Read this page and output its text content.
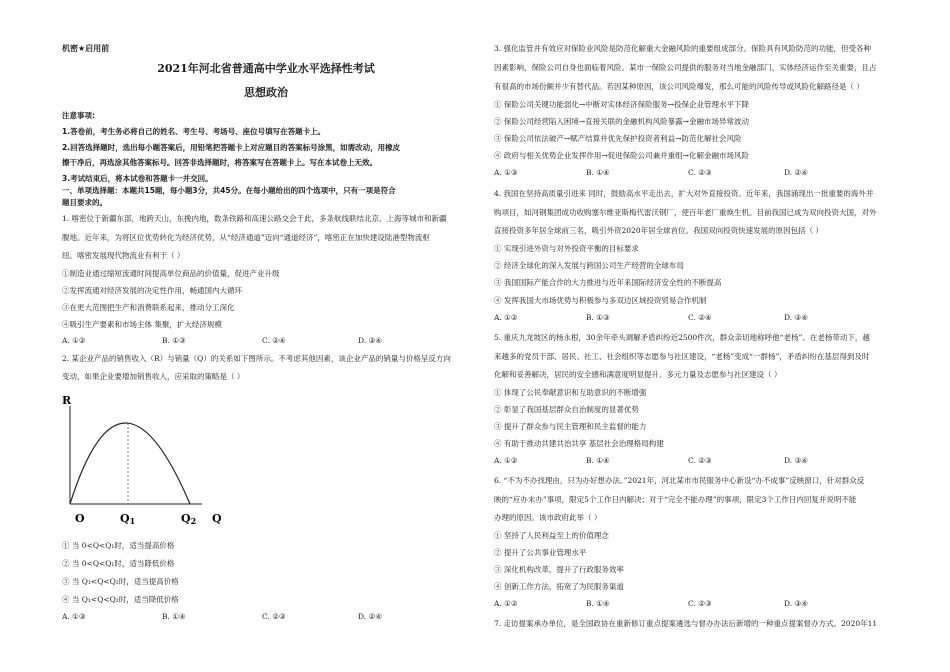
机密★启用前
2021年河北省普通高中学业水平选择性考试
思想政治
注意事项:
1.答卷前，考生务必将自己的姓名、考生号、考场号、座位号填写在答题卡上。
2.回答选择题时，选出每小题答案后，用铅笔把答题卡上对应题目的答案标号涂黑，如需改动，用橡皮
擦干净后，再选涂其他答案标号。回答非选择题时，将答案写在答题卡上。写在本试卷上无效。
3.考试结束后，将本试卷和答题卡一并交回。
一、单项选择题：本题共15题，每小题3分，共45分。在每小题给出的四个选项中，只有一项是符合
题目要求的。
1. 喀密位于新疆东部，地跨天山，东挽内地，数条铁路和高速公路交会于此，多条航线联结北京、上海等城市和新疆
腹地。近年来，为将区位优势转化为经济优势，从“经济通道”迈向“通道经济”，喀密正在加快建设陆港型物流枢
纽。喀密发展现代物流业有利于（ ）
①制造业通过缩短流通时间提高单位商品的价值量，促进产业升级
②发挥流通对经济发展的决定性作用，畅通国内大循环
③在更大范围把生产和消费联系起来，推动分工深化
④吸引生产要素和市场主体 集聚，扩大经济规模
A. ①②	B. ①③	C. ②④	D. ③④
2. 某企业产品的销售收入（R）与销量（Q）的关系如下图所示。不考虑其他因素，该企业产品的销量与价格呈反方向
变动，如果企业要增加销售收入，应采取的策略是（ ）
R
O	Q1	Q2 Q
① 当 0<Q<Q₁时，适当提高价格
② 当 0<Q<Q₁时，适当降低价格
③ 当 Q₁<Q<Q₂时，适当提高价格
④ 当 Q₁<Q<Q₂时，适当降低价格
A. ①③	B. ①④	C. ②③	D. ②④
3. 强化监管并有效应对保险业风险是防范化解重大金融风险的重要组成部分。保险具有风险防范的功能，但受各种
因素影响，保险公司自身也面临着风险。某市一保险公司提供的服务对当地金融部门、实体经济运作至关重要，且占
有很高的市场份额并少有替代品。若因某种原因，该公司风险爆发，那么可能的风险传导或风险化解路径是（ ）
① 保险公司关键功能弱化→中断对实体经济保险服务→投保企业管理水平下降
② 保险公司经营陷入困境→直接关联的金融机构风险暴露→金融市场异常波动
③ 保险公司依法破产→赋产结算并优先保护投资者利益→防范化解社会风险
④ 政府与相关优势企业发挥作用→促进保险公司兼并重组→化解金融市场风险
A. ①③	B. ①④	C. ②③	D. ②④
4. 我国在坚持高质量引进来 同时，鼓励高水平走出去，扩大对外直接投资。近年来，我国涌现出一批重要的海外并
购项目，如河钢集团成功收购塞尔维亚斯梅代雷沃钢厂，使百年老厂重焕生机。目前我国已成为双向投资大国，对外
直接投资多年居全球前三名，吸引外资2020年居全球首位。我国双向投资快速发展的原因包括（ ）
① 实现引进外资与对外投资平衡的目标要求
② 经济全球化的深入发展与跨国公司生产经营的全球布局
③ 我国国际产能合作的大力推进与近年来国际经济安全性的不断提高
④ 发挥我国大市场优势与积极参与多双边区域投资贸易合作机制
A. ①②	B. ①③	C. ②④	D. ③④
5. 重庆九龙坡区的杨永根，30余年牵头调解矛盾纠纷近2500件次，群众亲切地称呼他“老杨”。在老杨带动下，越
来越多的党员干部、居民、社工、社会组织等志愿参与社区建设，“老杨”变成“一群杨”，矛盾纠纷在基层得到及时
化解和妥善解决，居民的安全感和满意度明显提升。多元力量及志愿参与社区建设（ ）
① 体现了公民奉献意识和互助意识的不断增强
② 彰显了我国基层群众自治制度的显著优势
③ 提升了群众参与民主管理和民主监督的能力
④ 有助于推动共建共治共享 基层社会治理格局构建
A. ①②	B. ①④	C. ②③	D. ③④
6. “不为不办找理由，只为办好想办法。”2021年，河北某市市民服务中心新设“办不成事”反映窗口，针对群众反
映的“应办未办”事项，限定5个工作日内解决；对于“完全不能办理”的事项，限定3个工作日内回复并说明不能
办理的原因。该市政府此举（ ）
① 坚持了人民利益至上的价值理念
② 提升了公共事业管理水平
③ 深化机构改革，提升了行政服务效率
④ 创新工作方法，拓宽了为民服务渠道
A. ①②	B. ①④	C. ②③	D. ③④
7. 走访提案承办单位，是全国政协在重新修订重点提案遴选与督办办法后新增的一种重点提案督办方式。2020年11
